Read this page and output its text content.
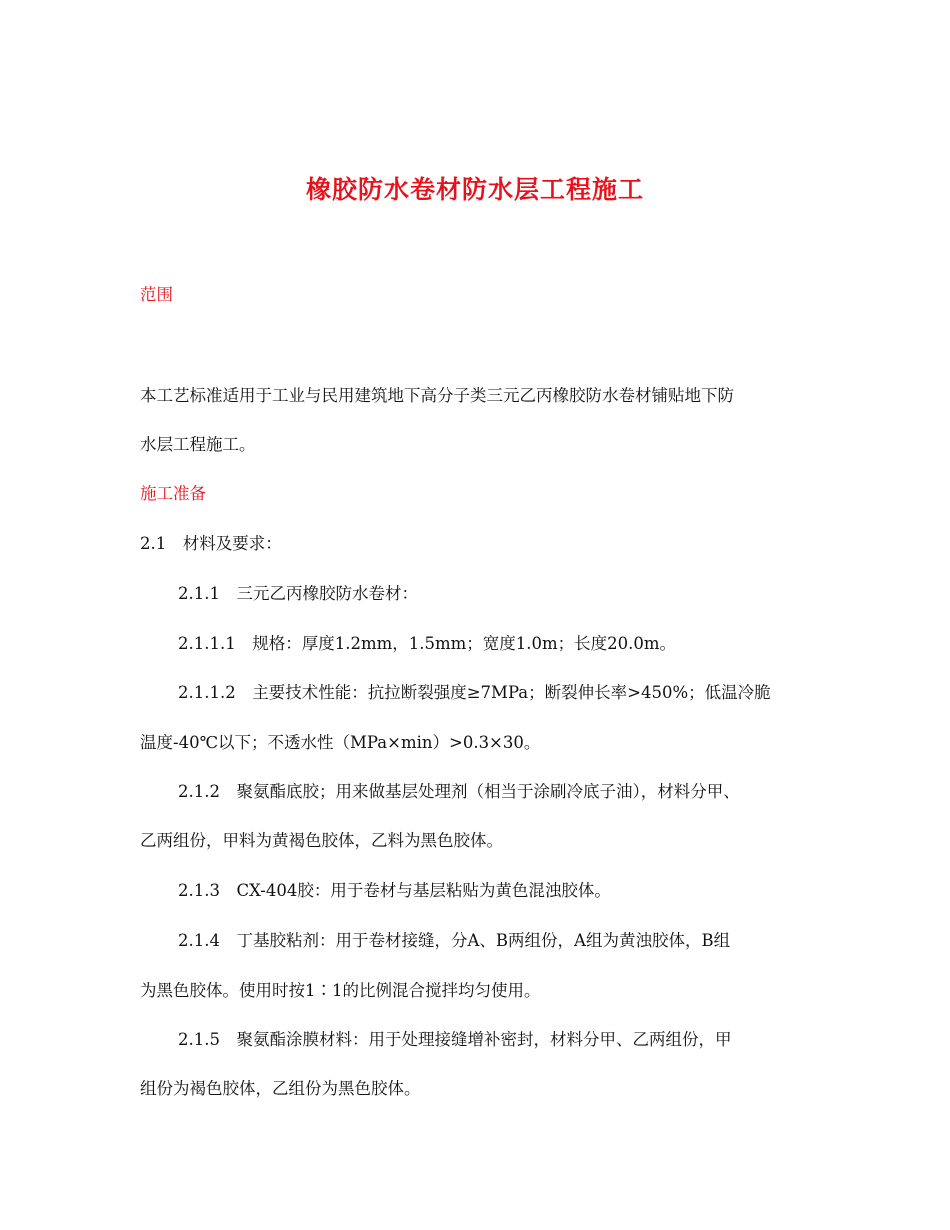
橡胶防水卷材防水层工程施工
范围
本工艺标准适用于工业与民用建筑地下高分子类三元乙丙橡胶防水卷材铺贴地下防
水层工程施工。
施工准备
2.1　材料及要求：
2.1.1　三元乙丙橡胶防水卷材：
2.1.1.1　规格：厚度1.2mm，1.5mm；宽度1.0m；长度20.0m。
2.1.1.2　主要技术性能：抗拉断裂强度≥7MPa；断裂伸长率>450%；低温冷脆
温度-40℃以下；不透水性（MPa×min）>0.3×30。
2.1.2　聚氨酯底胶；用来做基层处理剂（相当于涂刷冷底子油），材料分甲、
乙两组份，甲料为黄褐色胶体，乙料为黑色胶体。
2.1.3　CX-404胶：用于卷材与基层粘贴为黄色混浊胶体。
2.1.4　丁基胶粘剂：用于卷材接缝，分A、B两组份，A组为黄浊胶体，B组
为黑色胶体。使用时按1∶1的比例混合搅拌均匀使用。
2.1.5　聚氨酯涂膜材料：用于处理接缝增补密封，材料分甲、乙两组份，甲
组份为褐色胶体，乙组份为黑色胶体。
